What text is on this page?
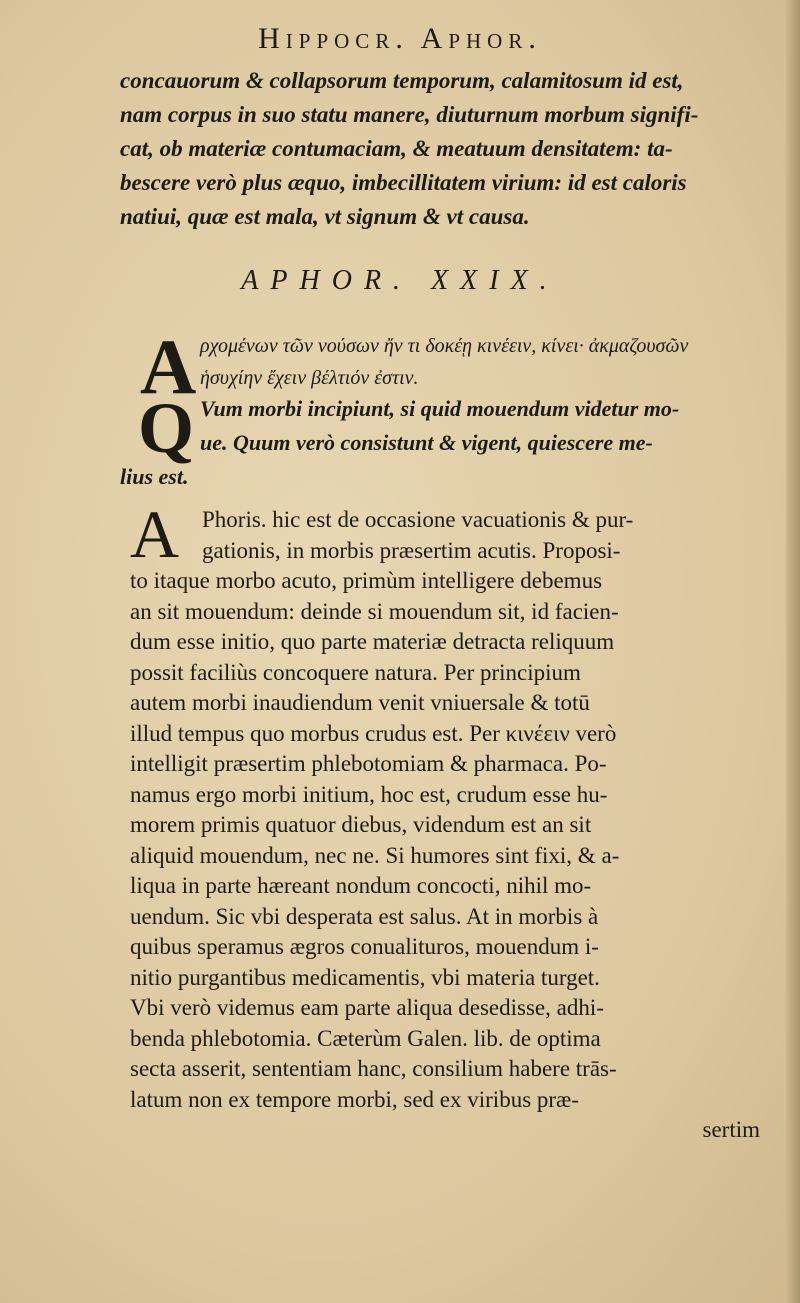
Hippocr. Aphor.
concauorum & collapsorum temporum, calamitosum id est,
nam corpus in suo statu manere, diuturnum morbum signifi-
cat, ob materiæ contumaciam, & meatuum densitatem: ta-
bescere verò plus æquo, imbecillitatem virium: id est caloris
natiui, quæ est mala, vt signum & vt causa.
APHOR. XXIX.
A ρχομένων τῶν νούσων ἤν τι δοκέῃ κινέειν, κίνει· ἀκμαζουσῶν
ἡσυχίην ἔχειν βέλτιόν ἐστιν.
Q Vum morbi incipiunt, si quid mouendum videtur mo-
ue. Quum verò consistunt & vigent, quiescere me-
lius est.
A Phoris. hic est de occasione vacuationis & pur-
gationis, in morbis præsertim acutis. Proposi-
to itaque morbo acuto, primùm intelligere debemus
an sit mouendum: deinde si mouendum sit, id facien-
dum esse initio, quo parte materiæ detracta reliquum
possit faciliùs concoquere natura. Per principium
autem morbi inaudiendum venit vniuersale & totū
illud tempus quo morbus crudus est. Per κινέειν verò
intelligit præsertim phlebotomiam & pharmaca. Po-
namus ergo morbi initium, hoc est, crudum esse hu-
morem primis quatuor diebus, videndum est an sit
aliquid mouendum, nec ne. Si humores sint fixi, & a-
liqua in parte hæreant nondum concocti, nihil mo-
uendum. Sic vbi desperata est salus. At in morbis à
quibus speramus ægros conualituros, mouendum i-
nitio purgantibus medicamentis, vbi materia turget.
Vbi verò videmus eam parte aliqua desedisse, adhi-
benda phlebotomia. Cæterùm Galen. lib. de optima
secta asserit, sententiam hanc, consilium habere trās-
latum non ex tempore morbi, sed ex viribus præ-
sertim
